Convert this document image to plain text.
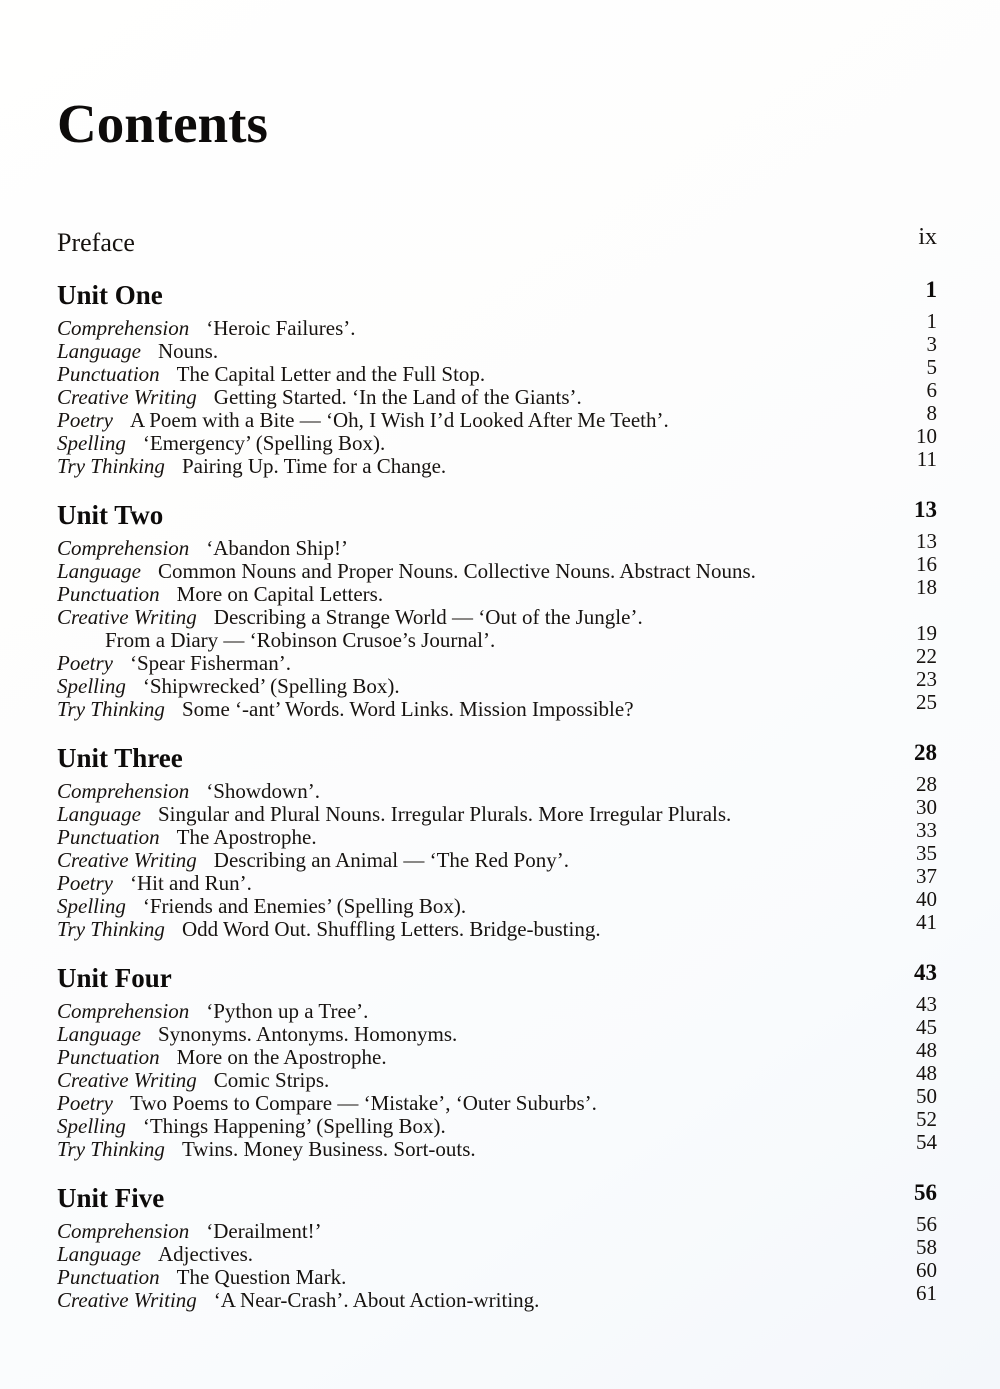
Contents
Preface	ix
Unit One	1
Comprehension ‘Heroic Failures’.	1
Language Nouns.	3
Punctuation The Capital Letter and the Full Stop.	5
Creative Writing Getting Started. ‘In the Land of the Giants’.	6
Poetry A Poem with a Bite — ‘Oh, I Wish I’d Looked After Me Teeth’.	8
Spelling ‘Emergency’ (Spelling Box).	10
Try Thinking Pairing Up. Time for a Change.	11
Unit Two	13
Comprehension ‘Abandon Ship!’	13
Language Common Nouns and Proper Nouns. Collective Nouns. Abstract Nouns.	16
Punctuation More on Capital Letters.	18
Creative Writing Describing a Strange World — ‘Out of the Jungle’.
From a Diary — ‘Robinson Crusoe’s Journal’.	19
Poetry ‘Spear Fisherman’.	22
Spelling ‘Shipwrecked’ (Spelling Box).	23
Try Thinking Some ‘-ant’ Words. Word Links. Mission Impossible?	25
Unit Three	28
Comprehension ‘Showdown’.	28
Language Singular and Plural Nouns. Irregular Plurals. More Irregular Plurals.	30
Punctuation The Apostrophe.	33
Creative Writing Describing an Animal — ‘The Red Pony’.	35
Poetry ‘Hit and Run’.	37
Spelling ‘Friends and Enemies’ (Spelling Box).	40
Try Thinking Odd Word Out. Shuffling Letters. Bridge-busting.	41
Unit Four	43
Comprehension ‘Python up a Tree’.	43
Language Synonyms. Antonyms. Homonyms.	45
Punctuation More on the Apostrophe.	48
Creative Writing Comic Strips.	48
Poetry Two Poems to Compare — ‘Mistake’, ‘Outer Suburbs’.	50
Spelling ‘Things Happening’ (Spelling Box).	52
Try Thinking Twins. Money Business. Sort-outs.	54
Unit Five	56
Comprehension ‘Derailment!’	56
Language Adjectives.	58
Punctuation The Question Mark.	60
Creative Writing ‘A Near-Crash’. About Action-writing.	61
